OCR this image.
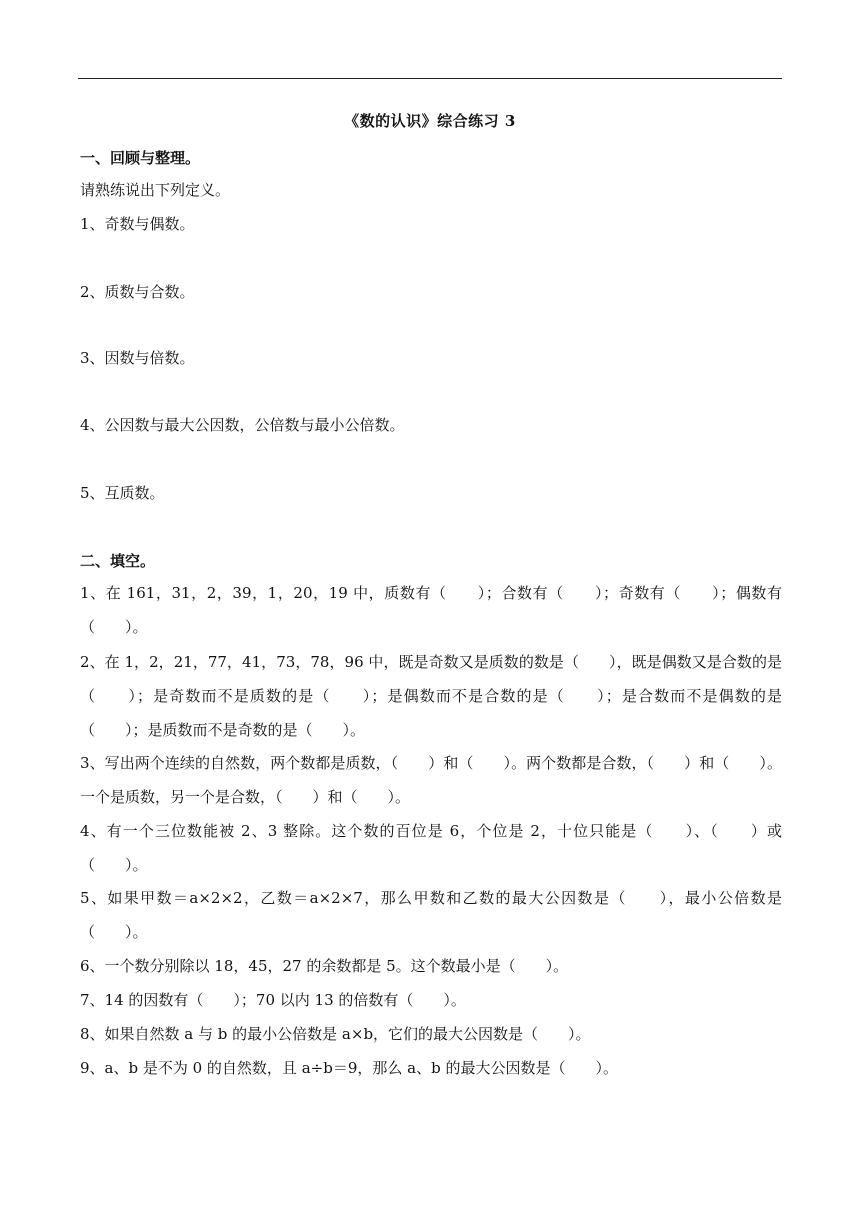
《数的认识》综合练习 3
一、回顾与整理。
请熟练说出下列定义。
1、奇数与偶数。
2、质数与合数。
3、因数与倍数。
4、公因数与最大公因数，公倍数与最小公倍数。
5、互质数。
二、填空。
1、在 161，31，2，39，1，20，19 中，质数有（　　）；合数有（　　）；奇数有（　　）；偶数有（　　）。
2、在 1，2，21，77，41，73，78，96 中，既是奇数又是质数的数是（　　），既是偶数又是合数的是（　　）；是奇数而不是质数的是（　　）；是偶数而不是合数的是（　　）；是合数而不是偶数的是（　　）；是质数而不是奇数的是（　　）。
3、写出两个连续的自然数，两个数都是质数，（　　）和（　　）。两个数都是合数，（　　）和（　　）。一个是质数，另一个是合数，（　　）和（　　）。
4、有一个三位数能被 2、3 整除。这个数的百位是 6，个位是 2，十位只能是（　　）、（　　）或（　　）。
5、如果甲数＝a×2×2，乙数＝a×2×7，那么甲数和乙数的最大公因数是（　　），最小公倍数是（　　）。
6、一个数分别除以 18，45，27 的余数都是 5。这个数最小是（　　）。
7、14 的因数有（　　）；70 以内 13 的倍数有（　　）。
8、如果自然数 a 与 b 的最小公倍数是 a×b，它们的最大公因数是（　　）。
9、a、b 是不为 0 的自然数，且 a÷b＝9，那么 a、b 的最大公因数是（　　）。
